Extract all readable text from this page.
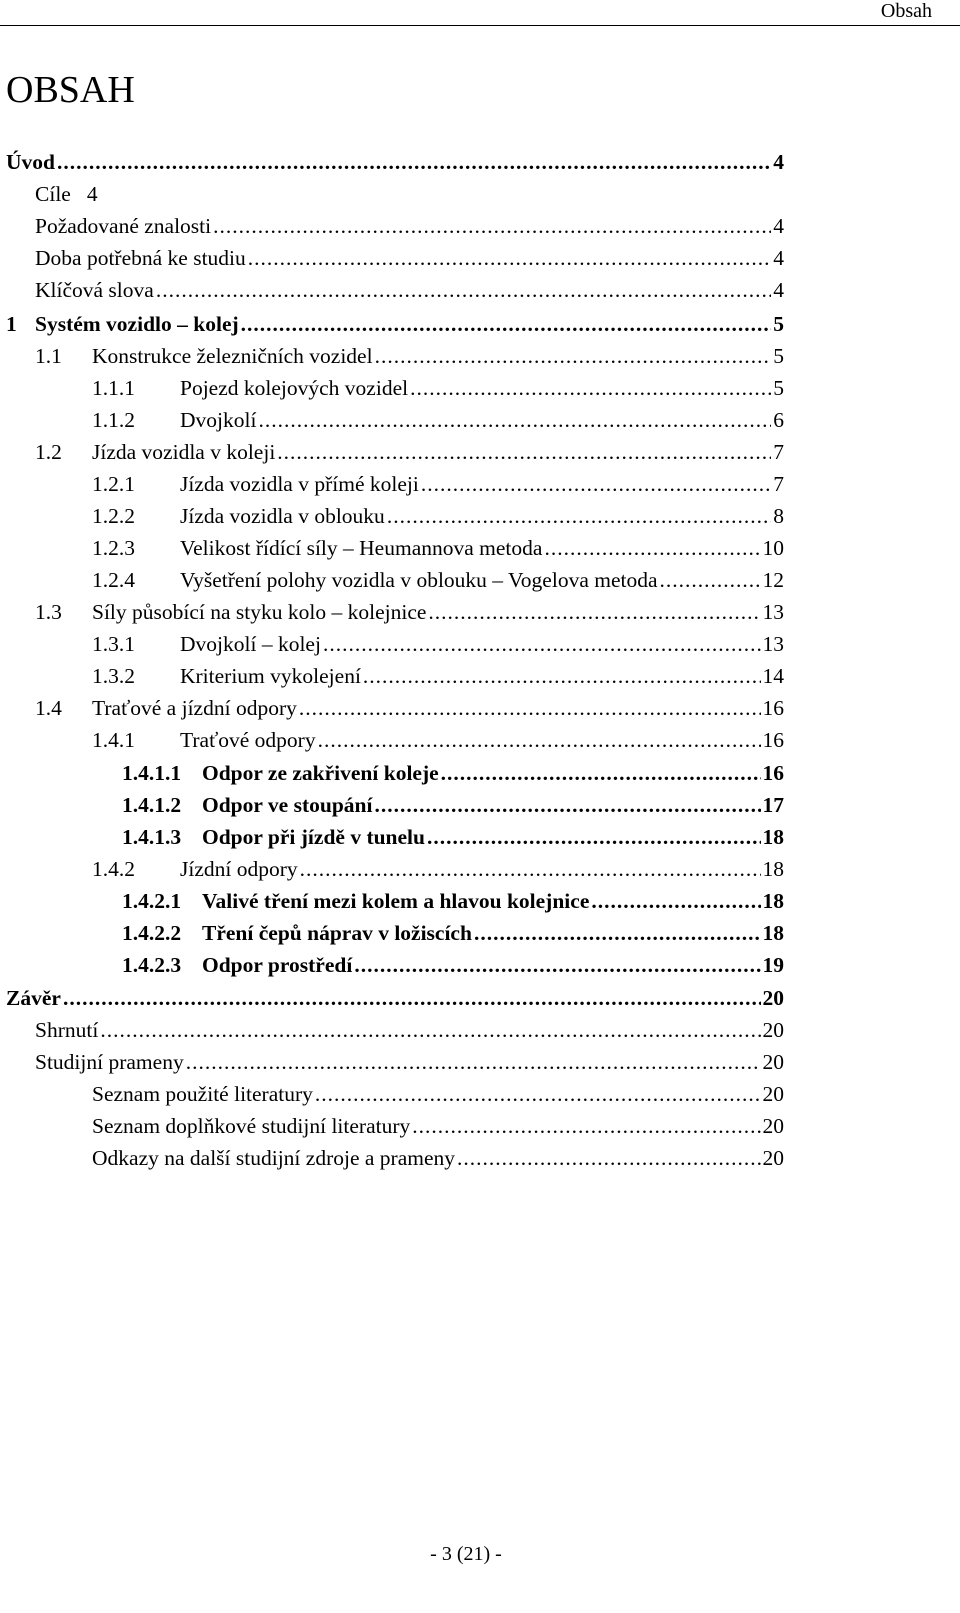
Obsah
OBSAH
Úvod .....	4
Cíle 4
Požadované znalosti .....	4
Doba potřebná ke studiu .....	4
Klíčová slova .....	4
1 Systém vozidlo – kolej .....	5
1.1 Konstrukce železničních vozidel .....	5
1.1.1 Pojezd kolejových vozidel .....	5
1.1.2 Dvojkolí .....	6
1.2 Jízda vozidla v koleji .....	7
1.2.1 Jízda vozidla v přímé koleji .....	7
1.2.2 Jízda vozidla v oblouku .....	8
1.2.3 Velikost řídící síly – Heumannova metoda .....	10
1.2.4 Vyšetření polohy vozidla v oblouku – Vogelova metoda .....	12
1.3 Síly působící na styku kolo – kolejnice .....	13
1.3.1 Dvojkolí – kolej .....	13
1.3.2 Kriterium vykolejení .....	14
1.4 Traťové a jízdní odpory .....	16
1.4.1 Traťové odpory .....	16
1.4.1.1 Odpor ze zakřivení koleje .....	16
1.4.1.2 Odpor ve stoupání .....	17
1.4.1.3 Odpor při jízdě v tunelu .....	18
1.4.2 Jízdní odpory .....	18
1.4.2.1 Valivé tření mezi kolem a hlavou kolejnice .....	18
1.4.2.2 Tření čepů náprav v ložiscích .....	18
1.4.2.3 Odpor prostředí .....	19
Závěr .....	20
Shrnutí .....	20
Studijní prameny .....	20
Seznam použité literatury .....	20
Seznam doplňkové studijní literatury .....	20
Odkazy na další studijní zdroje a prameny .....	20
- 3 (21) -
